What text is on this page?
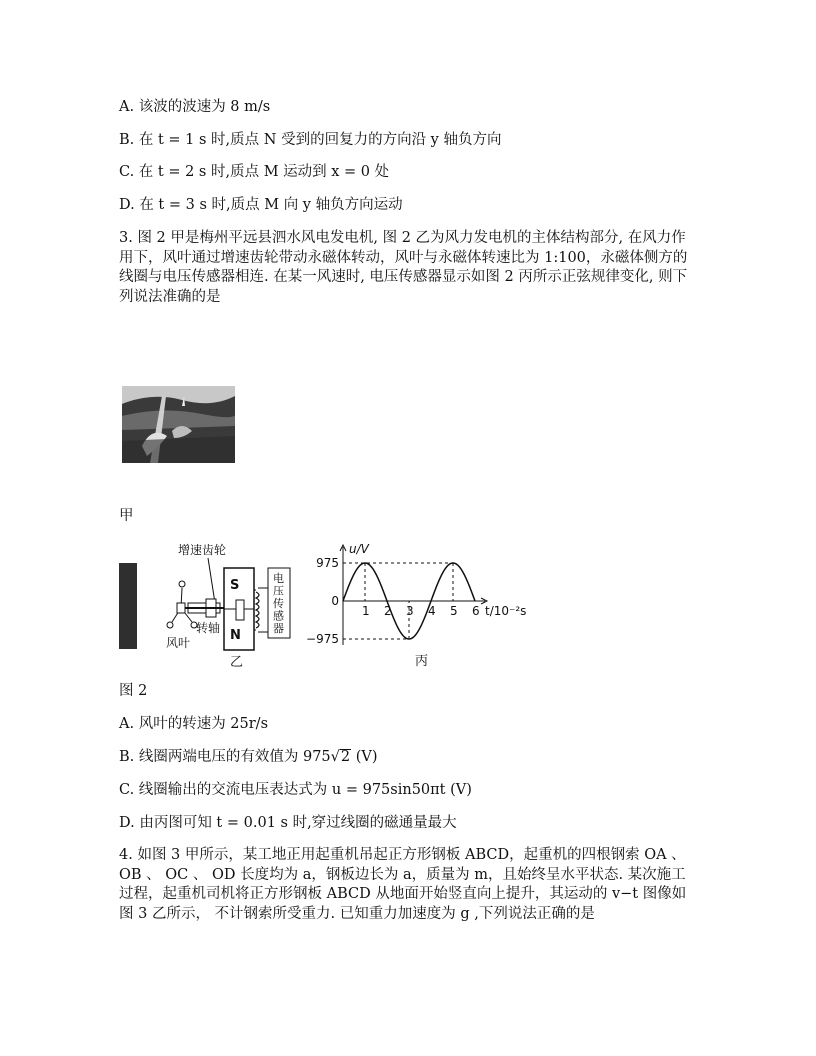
A. 该波的波速为 8 m/s
B. 在 t = 1 s 时,质点 N 受到的回复力的方向沿 y 轴负方向
C. 在 t = 2 s 时,质点 M 运动到 x = 0 处
D. 在 t = 3 s 时,质点 M 向 y 轴负方向运动
3. 图 2 甲是梅州平远县泗水风电发电机, 图 2 乙为风力发电机的主体结构部分, 在风力作用下，风叶通过增速齿轮带动永磁体转动，风叶与永磁体转速比为 1:100，永磁体侧方的线圈与电压传感器相连. 在某一风速时, 电压传感器显示如图 2 丙所示正弦规律变化, 则下列说法准确的是
甲
增速齿轮
风叶
转轴
S
N
电压传感器
乙
1 2 3 4 5 6
975
0
−975
u/V
t/10⁻²s
丙
图 2
A. 风叶的转速为 25r/s
B. 线圈两端电压的有效值为 975√2 (V)
C. 线圈输出的交流电压表达式为 u = 975sin50πt (V)
D. 由丙图可知 t = 0.01 s 时,穿过线圈的磁通量最大
4. 如图 3 甲所示，某工地正用起重机吊起正方形钢板 ABCD，起重机的四根钢索 OA 、 OB 、 OC 、 OD 长度均为 a，钢板边长为 a，质量为 m，且始终呈水平状态. 某次施工过程，起重机司机将正方形钢板 ABCD 从地面开始竖直向上提升，其运动的 v−t 图像如图 3 乙所示， 不计钢索所受重力. 已知重力加速度为 g ,下列说法正确的是
